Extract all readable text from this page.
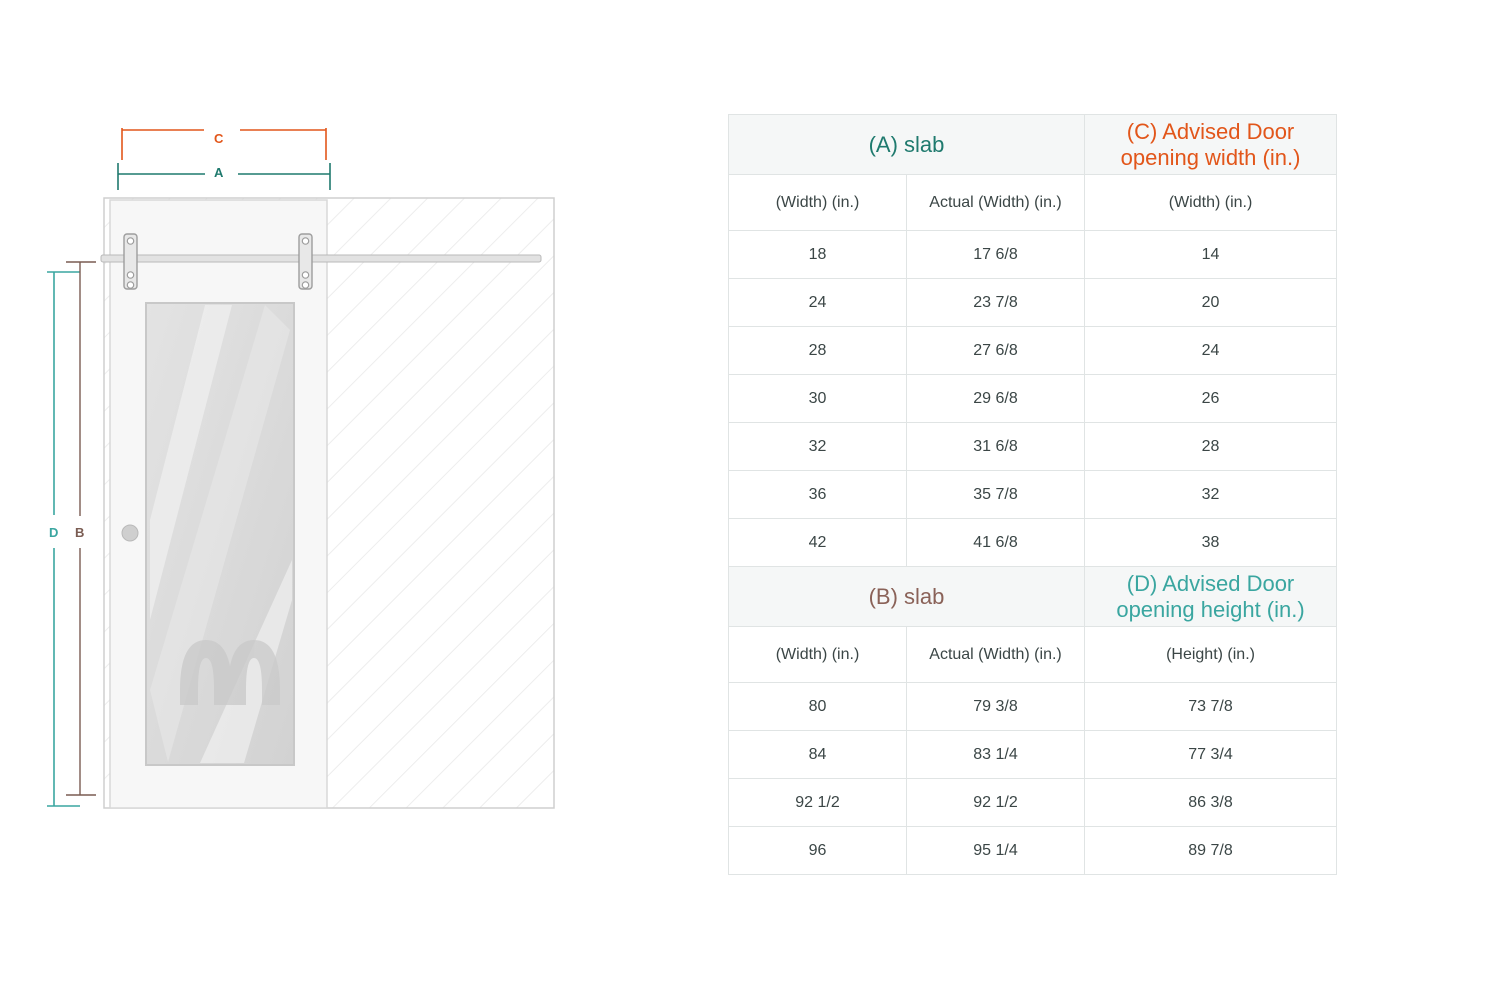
C
A
D B
(A) slab		(C) Advised Door opening width (in.)
(Width) (in.)	Actual (Width) (in.)	(Width) (in.)
18	17 6/8	14
24	23 7/8	20
28	27 6/8	24
30	29 6/8	26
32	31 6/8	28
36	35 7/8	32
42	41 6/8	38
(B) slab		(D) Advised Door opening height (in.)
(Width) (in.)	Actual (Width) (in.)	(Height) (in.)
80	79 3/8	73 7/8
84	83 1/4	77 3/4
92 1/2	92 1/2	86 3/8
96	95 1/4	89 7/8
